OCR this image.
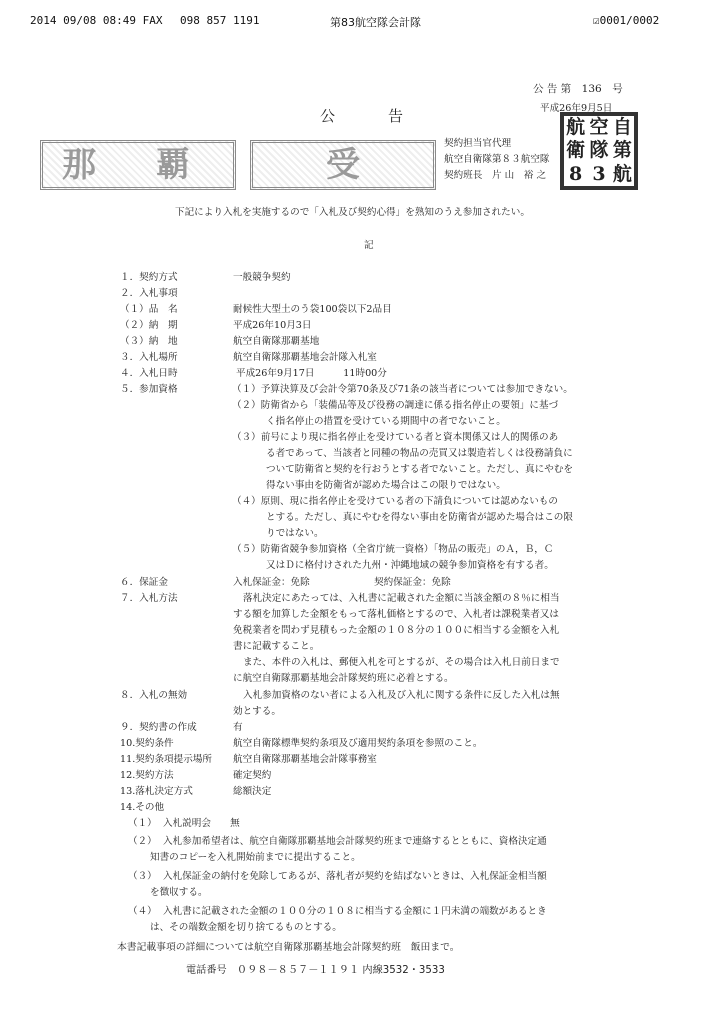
2014 09/08 08:49 FAX 098 857 1191	第83航空隊会計隊	☑0001/0002
公 告 第　136　号
平成26年9月5日
公　　　告
那 覇	受
契約担当官代理
航空自衛隊第８３航空隊
契約班長　片 山　裕 之
航 空 自
衛 隊 第
8 3 航
下記により入札を実施するので「入札及び契約心得」を熟知のうえ参加されたい。
記
１．契約方式	一般競争契約
２．入札事項
（１）品　名	耐候性大型土のう袋100袋以下2品目
（２）納　期	平成26年10月3日
（３）納　地	航空自衛隊那覇基地
３．入札場所	航空自衛隊那覇基地会計隊入札室
４．入札日時	平成26年9月17日　　　11時00分
５．参加資格	（１）予算決算及び会計令第70条及び71条の該当者については参加できない。
（２）防衛省から「装備品等及び役務の調達に係る指名停止の要領」に基づ
く指名停止の措置を受けている期間中の者でないこと。
（３）前号により現に指名停止を受けている者と資本関係又は人的関係のあ
る者であって、当該者と同種の物品の売買又は製造若しくは役務請負に
ついて防衛省と契約を行おうとする者でないこと。ただし、真にやむを
得ない事由を防衛省が認めた場合はこの限りではない。
（４）原則、現に指名停止を受けている者の下請負については認めないもの
とする。ただし、真にやむを得ない事由を防衛省が認めた場合はこの限
りではない。
（５）防衛省競争参加資格（全省庁統一資格）「物品の販売」のＡ，Ｂ，Ｃ
又はＤに格付けされた九州・沖縄地域の競争参加資格を有する者。
６．保証金	入札保証金：免除	契約保証金：免除
７．入札方法	落札決定にあたっては、入札書に記載された金額に当該金額の８％に相当
する額を加算した金額をもって落札価格とするので、入札者は課税業者又は
免税業者を問わず見積もった金額の１０８分の１００に相当する金額を入札
書に記載すること。
また、本件の入札は、郵便入札を可とするが、その場合は入札日前日まで
に航空自衛隊那覇基地会計隊契約班に必着とする。
８．入札の無効	入札参加資格のない者による入札及び入札に関する条件に反した入札は無
効とする。
９．契約書の作成	有
10.契約条件	航空自衛隊標準契約条項及び適用契約条項を参照のこと。
11.契約条項提示場所 航空自衛隊那覇基地会計隊事務室
12.契約方法	確定契約
13.落札決定方式	総額決定
14.その他
（１） 入札説明会　　無
（２） 入札参加希望者は、航空自衛隊那覇基地会計隊契約班まで連絡するとともに、資格決定通
知書のコピーを入札開始前までに提出すること。
（３） 入札保証金の納付を免除してあるが、落札者が契約を結ばないときは、入札保証金相当額
を徴収する。
（４） 入札書に記載された金額の１００分の１０８に相当する金額に１円未満の端数があるとき
は、その端数金額を切り捨てるものとする。
本書記載事項の詳細については航空自衛隊那覇基地会計隊契約班　飯田まで。
電話番号　０９８－８５７－１１９１ 内線3532・3533
